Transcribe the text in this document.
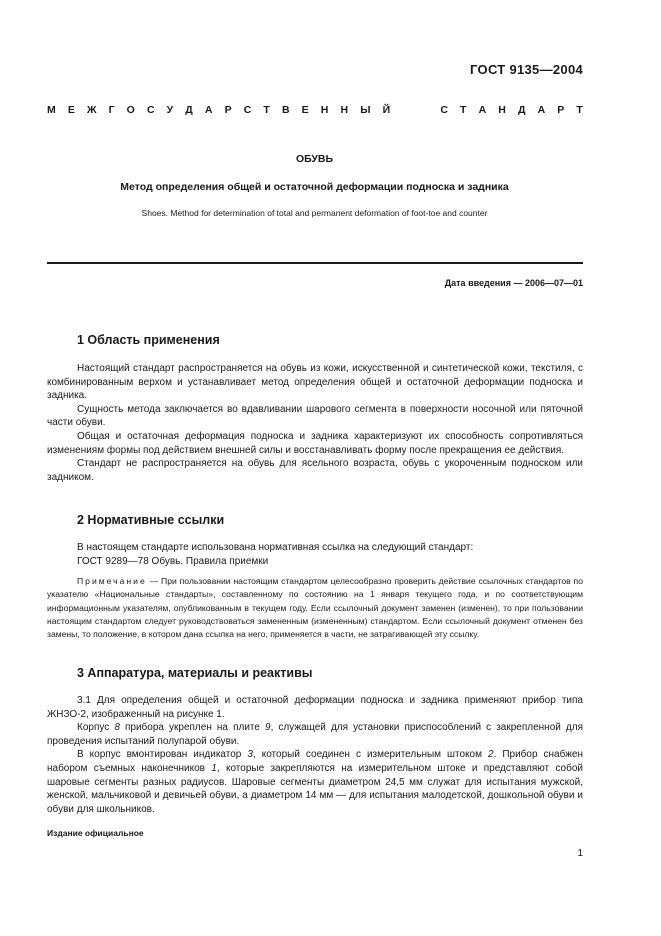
ГОСТ 9135—2004
М Е Ж Г О С У Д А Р С Т В Е Н Н Ы Й	С Т А Н Д А Р Т
ОБУВЬ
Метод определения общей и остаточной деформации подноска и задника
Shoes. Method for determination of total and permanent deformation of foot-toe and counter
Дата введения — 2006—07—01
1 Область применения

Настоящий стандарт распространяется на обувь из кожи, искусственной и синтетической кожи, текстиля, с комбинированным верхом и устанавливает метод определения общей и остаточной деформации подноска и задника.

Сущность метода заключается во вдавливании шарового сегмента в поверхности носочной или пяточной части обуви.

Общая и остаточная деформация подноска и задника характеризуют их способность сопротивляться изменениям формы под действием внешней силы и восстанавливать форму после прекращения ее действия.

Стандарт не распространяется на обувь для ясельного возраста, обувь с укороченным подноском или задником.

2 Нормативные ссылки

В настоящем стандарте использована нормативная ссылка на следующий стандарт:

ГОСТ 9289—78 Обувь. Правила приемки

Примечание — При пользовании настоящим стандартом целесообразно проверить действие ссылочных стандартов по указателю «Национальные стандарты», составленному по состоянию на 1 января текущего года, и по соответствующим информационным указателям, опубликованным в текущем году. Если ссылочный документ заменен (изменен), то при пользовании настоящим стандартом следует руководствоваться замененным (измененным) стандартом. Если ссылочный документ отменен без замены, то положение, в котором дана ссылка на него, применяется в части, не затрагивающей эту ссылку.

3 Аппаратура, материалы и реактивы

3.1 Для определения общей и остаточной деформации подноска и задника применяют прибор типа ЖНЗО-2, изображенный на рисунке 1.

Корпус 8 прибора укреплен на плите 9, служащей для установки приспособлений с закрепленной для проведения испытаний полупарой обуви.

В корпус вмонтирован индикатор 3, который соединен с измерительным штоком 2. Прибор снабжен набором съемных наконечников 1, которые закрепляются на измерительном штоке и представляют собой шаровые сегменты разных радиусов. Шаровые сегменты диаметром 24,5 мм служат для испытания мужской, женской, мальчиковой и девичьей обуви, а диаметром 14 мм — для испытания малодетской, дошкольной обуви и обуви для школьников.

Издание официальное
1
